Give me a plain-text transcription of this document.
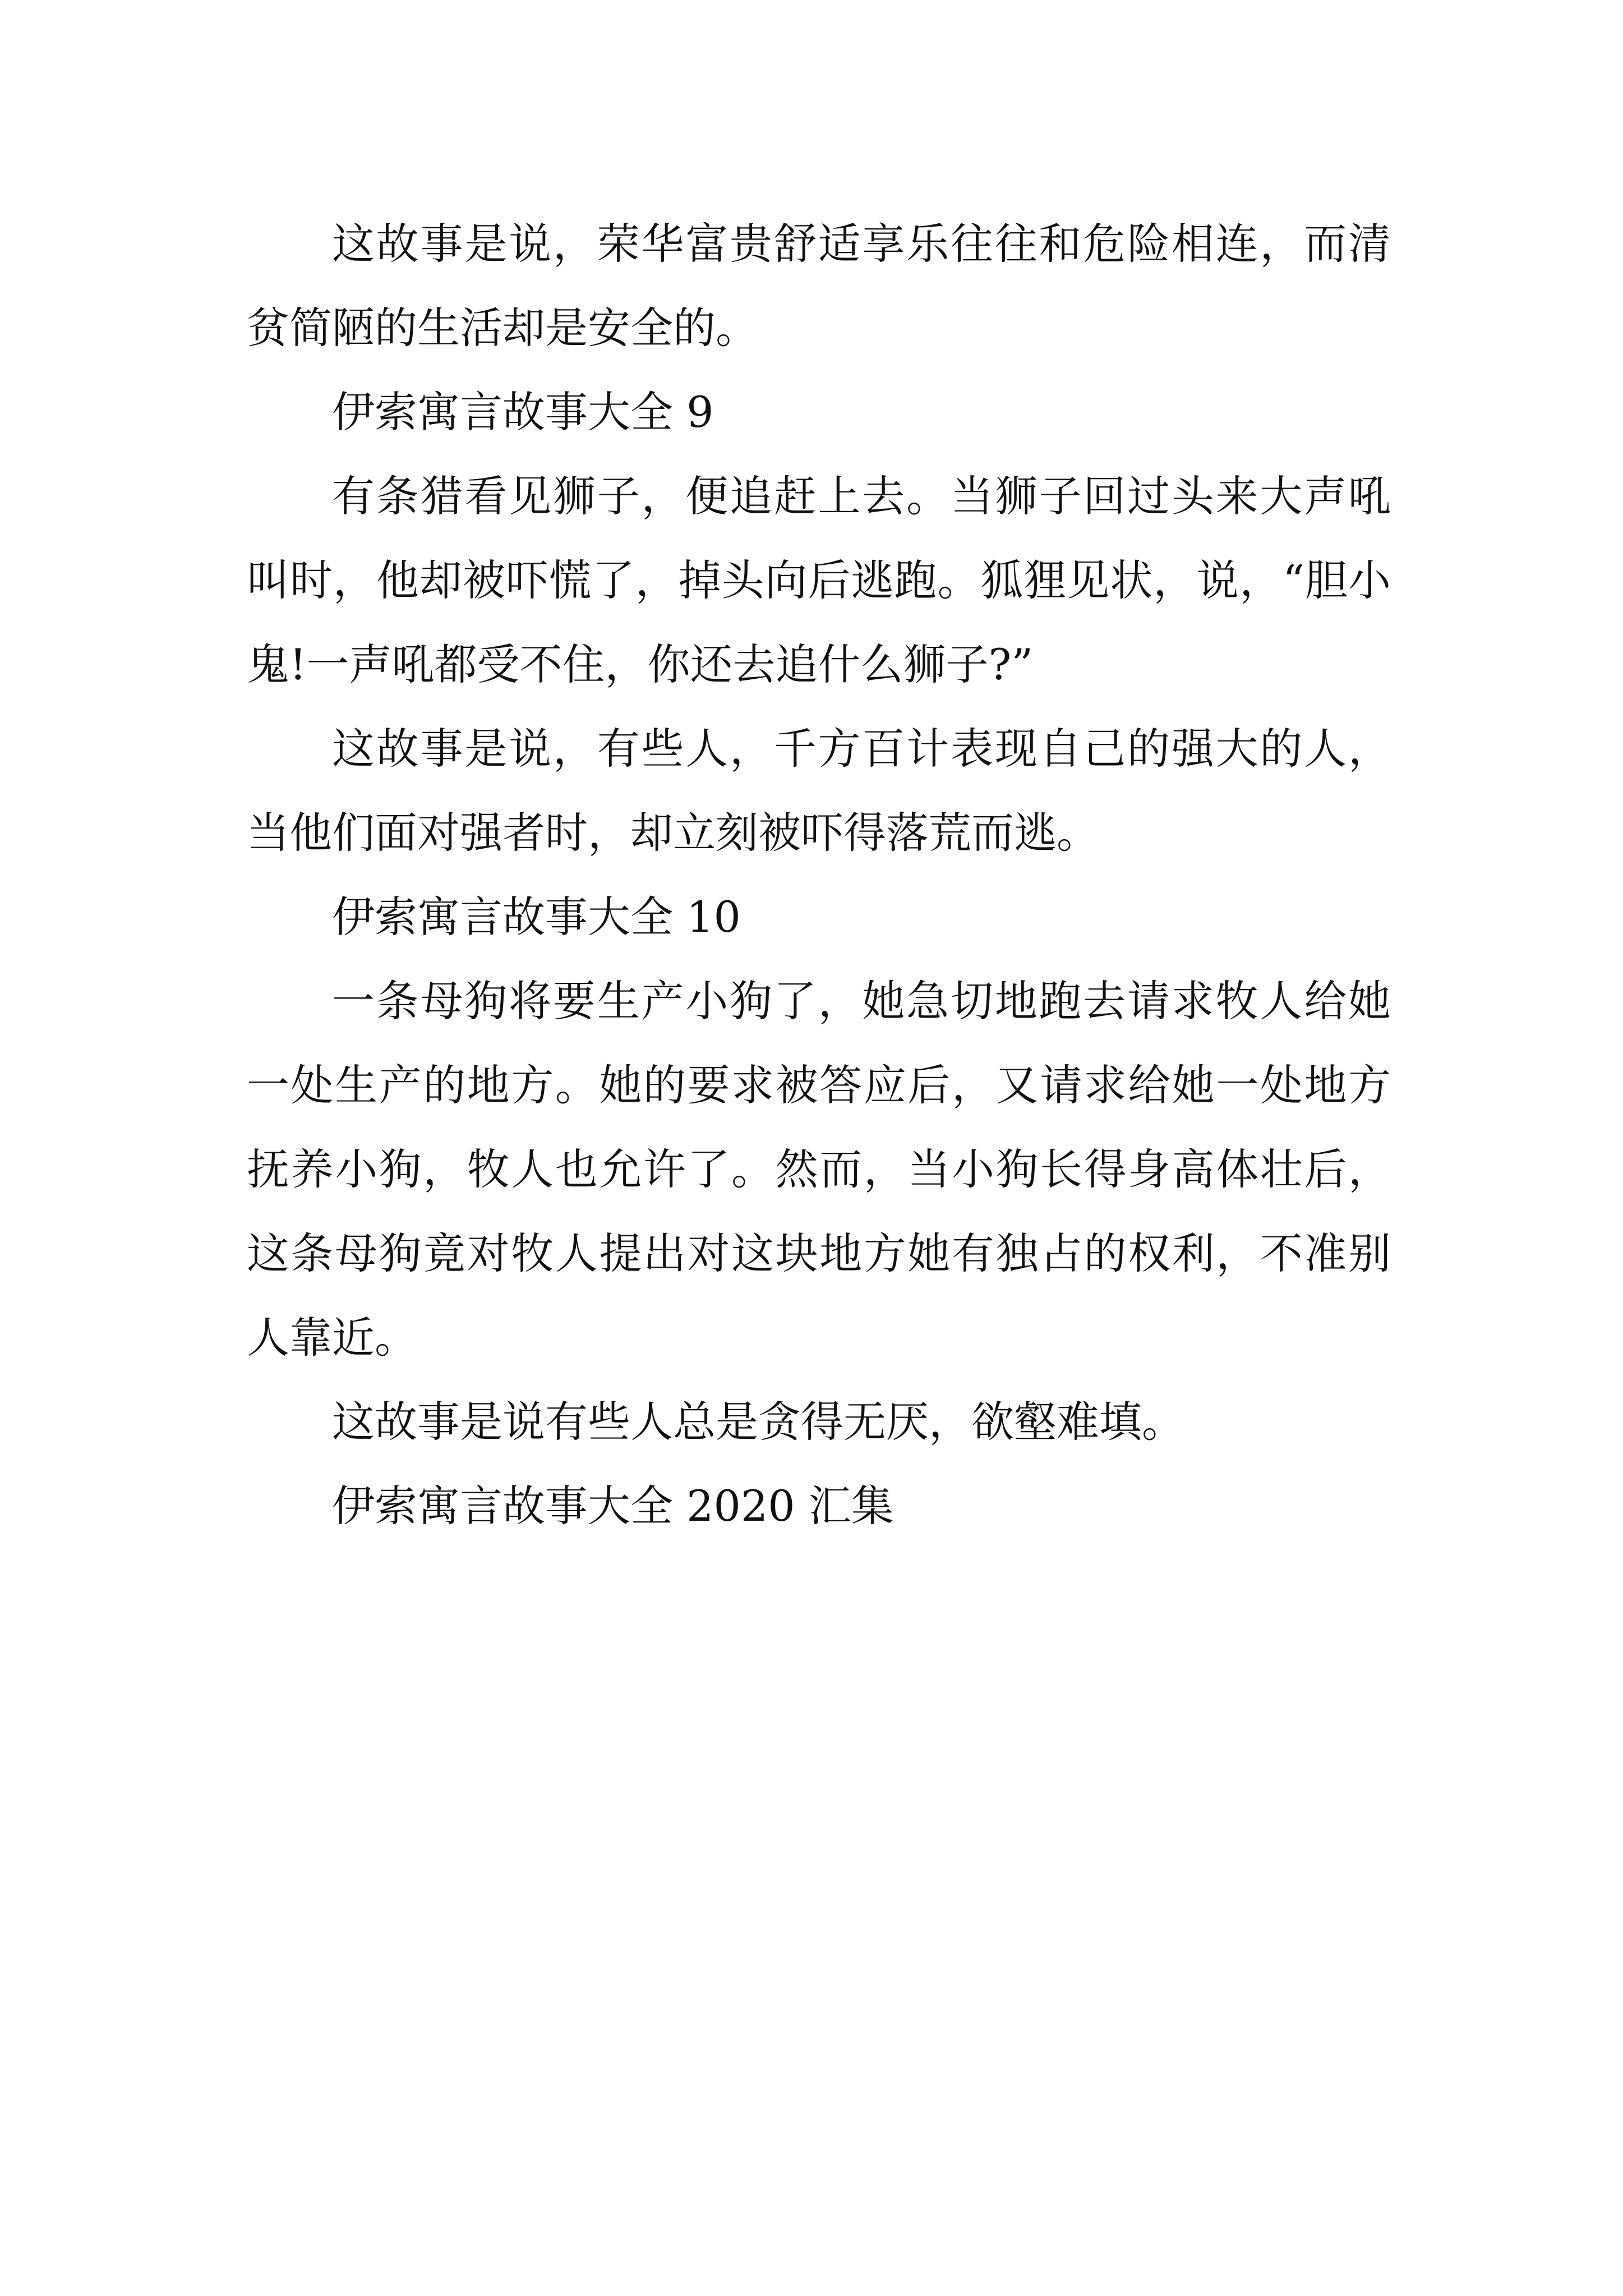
这故事是说，荣华富贵舒适享乐往往和危险相连，而清贫简陋的生活却是安全的。

伊索寓言故事大全 9

有条猎看见狮子，便追赶上去。当狮子回过头来大声吼叫时，他却被吓慌了，掉头向后逃跑。狐狸见状，说，“胆小鬼!一声吼都受不住，你还去追什么狮子?”

这故事是说，有些人，千方百计表现自己的强大的人，当他们面对强者时，却立刻被吓得落荒而逃。

伊索寓言故事大全 10

一条母狗将要生产小狗了，她急切地跑去请求牧人给她一处生产的地方。她的要求被答应后，又请求给她一处地方抚养小狗，牧人也允许了。然而，当小狗长得身高体壮后，这条母狗竟对牧人提出对这块地方她有独占的权利，不准别人靠近。

这故事是说有些人总是贪得无厌，欲壑难填。

伊索寓言故事大全 2020 汇集
